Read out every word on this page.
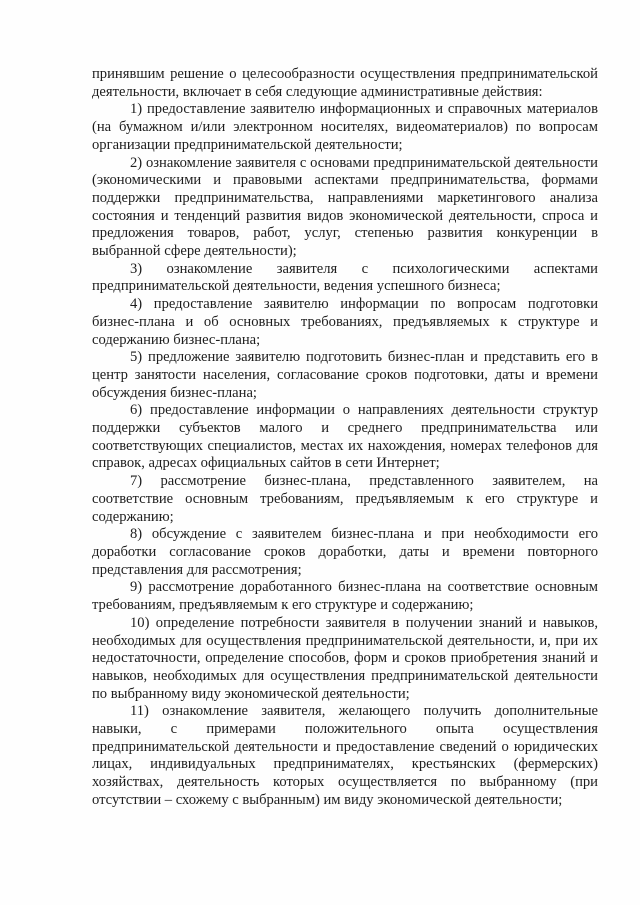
принявшим решение о целесообразности осуществления предпринимательской деятельности, включает в себя следующие административные действия:

1) предоставление заявителю информационных и справочных материалов (на бумажном и/или электронном носителях, видеоматериалов) по вопросам организации предпринимательской деятельности;

2) ознакомление заявителя с основами предпринимательской деятельности (экономическими и правовыми аспектами предпринимательства, формами поддержки предпринимательства, направлениями маркетингового анализа состояния и тенденций развития видов экономической деятельности, спроса и предложения товаров, работ, услуг, степенью развития конкуренции в выбранной сфере деятельности);

3) ознакомление заявителя с психологическими аспектами предпринимательской деятельности, ведения успешного бизнеса;

4) предоставление заявителю информации по вопросам подготовки бизнес-плана и об основных требованиях, предъявляемых к структуре и содержанию бизнес-плана;

5) предложение заявителю подготовить бизнес-план и представить его в центр занятости населения, согласование сроков подготовки, даты и времени обсуждения бизнес-плана;

6) предоставление информации о направлениях деятельности структур поддержки субъектов малого и среднего предпринимательства или соответствующих специалистов, местах их нахождения, номерах телефонов для справок, адресах официальных сайтов в сети Интернет;

7) рассмотрение бизнес-плана, представленного заявителем, на соответствие основным требованиям, предъявляемым к его структуре и содержанию;

8) обсуждение с заявителем бизнес-плана и при необходимости его доработки согласование сроков доработки, даты и времени повторного представления для рассмотрения;

9) рассмотрение доработанного бизнес-плана на соответствие основным требованиям, предъявляемым к его структуре и содержанию;

10) определение потребности заявителя в получении знаний и навыков, необходимых для осуществления предпринимательской деятельности, и, при их недостаточности, определение способов, форм и сроков приобретения знаний и навыков, необходимых для осуществления предпринимательской деятельности по выбранному виду экономической деятельности;

11) ознакомление заявителя, желающего получить дополнительные навыки, с примерами положительного опыта осуществления предпринимательской деятельности и предоставление сведений о юридических лицах, индивидуальных предпринимателях, крестьянских (фермерских) хозяйствах, деятельность которых осуществляется по выбранному (при отсутствии – схожему с выбранным) им виду экономической деятельности;
